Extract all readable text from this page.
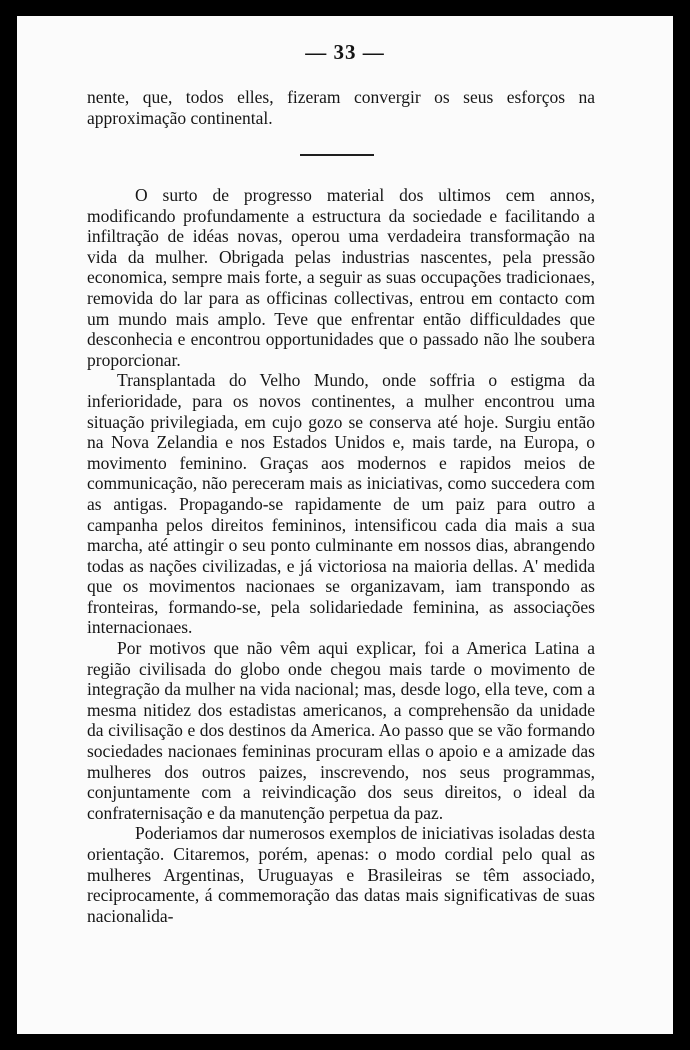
— 33 —

nente, que, todos elles, fizeram convergir os seus esforços na approximação continental.

O surto de progresso material dos ultimos cem annos, modificando profundamente a estructura da sociedade e facilitando a infiltração de idéas novas, operou uma verdadeira transformação na vida da mulher. Obrigada pelas industrias nascentes, pela pressão economica, sempre mais forte, a seguir as suas occupações tradicionaes, removida do lar para as officinas collectivas, entrou em contacto com um mundo mais amplo. Teve que enfrentar então difficuldades que desconhecia e encontrou opportunidades que o passado não lhe soubera proporcionar.

Transplantada do Velho Mundo, onde soffria o estigma da inferioridade, para os novos continentes, a mulher encontrou uma situação privilegiada, em cujo gozo se conserva até hoje. Surgiu então na Nova Zelandia e nos Estados Unidos e, mais tarde, na Europa, o movimento feminino. Graças aos modernos e rapidos meios de communicação, não pereceram mais as iniciativas, como succedera com as antigas. Propagando-se rapidamente de um paiz para outro a campanha pelos direitos femininos, intensificou cada dia mais a sua marcha, até attingir o seu ponto culminante em nossos dias, abrangendo todas as nações civilizadas, e já victoriosa na maioria dellas. A' medida que os movimentos nacionaes se organizavam, iam transpondo as fronteiras, formando-se, pela solidariedade feminina, as associações internacionaes.

Por motivos que não vêm aqui explicar, foi a America Latina a região civilisada do globo onde chegou mais tarde o movimento de integração da mulher na vida nacional; mas, desde logo, ella teve, com a mesma nitidez dos estadistas americanos, a comprehensão da unidade da civilisação e dos destinos da America. Ao passo que se vão formando sociedades nacionaes femininas procuram ellas o apoio e a amizade das mulheres dos outros paizes, inscrevendo, nos seus programmas, conjuntamente com a reivindicação dos seus direitos, o ideal da confraternisação e da manutenção perpetua da paz.

Poderiamos dar numerosos exemplos de iniciativas isoladas desta orientação. Citaremos, porém, apenas: o modo cordial pelo qual as mulheres Argentinas, Uruguayas e Brasileiras se têm associado, reciprocamente, á commemoração das datas mais significativas de suas nacionalida-
